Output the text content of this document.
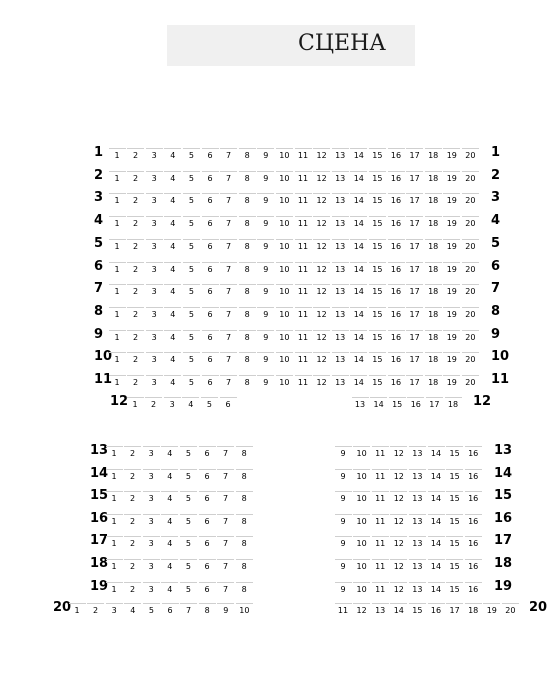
СЦЕНА
1	1
1	2	3	4	5	6	7	8	9	10	11	12	13	14	15	16	17	18	19	20
2	2
1	2	3	4	5	6	7	8	9	10	11	12	13	14	15	16	17	18	19	20
3	3
1	2	3	4	5	6	7	8	9	10	11	12	13	14	15	16	17	18	19	20
4	4
1	2	3	4	5	6	7	8	9	10	11	12	13	14	15	16	17	18	19	20
5	5
1	2	3	4	5	6	7	8	9	10	11	12	13	14	15	16	17	18	19	20
6	6
1	2	3	4	5	6	7	8	9	10	11	12	13	14	15	16	17	18	19	20
7	7
1	2	3	4	5	6	7	8	9	10	11	12	13	14	15	16	17	18	19	20
8	8
1	2	3	4	5	6	7	8	9	10	11	12	13	14	15	16	17	18	19	20
9	9
1	2	3	4	5	6	7	8	9	10	11	12	13	14	15	16	17	18	19	20
10	10
1	2	3	4	5	6	7	8	9	10	11	12	13	14	15	16	17	18	19	20
11	11
1	2	3	4	5	6	7	8	9	10	11	12	13	14	15	16	17	18	19	20
12	12
1	2	3	4	5	6	13	14	15	16	17	18
13	13
1	2	3	4	5	6	7	8	9	10	11	12	13	14	15	16
14	14
1	2	3	4	5	6	7	8	9	10	11	12	13	14	15	16
15	15
1	2	3	4	5	6	7	8	9	10	11	12	13	14	15	16
16	16
1	2	3	4	5	6	7	8	9	10	11	12	13	14	15	16
17	17
1	2	3	4	5	6	7	8	9	10	11	12	13	14	15	16
18	18
1	2	3	4	5	6	7	8	9	10	11	12	13	14	15	16
19	19
1	2	3	4	5	6	7	8	9	10	11	12	13	14	15	16
20	20
1	2	3	4	5	6	7	8	9	10	11	12	13	14	15	16	17	18	19	20
